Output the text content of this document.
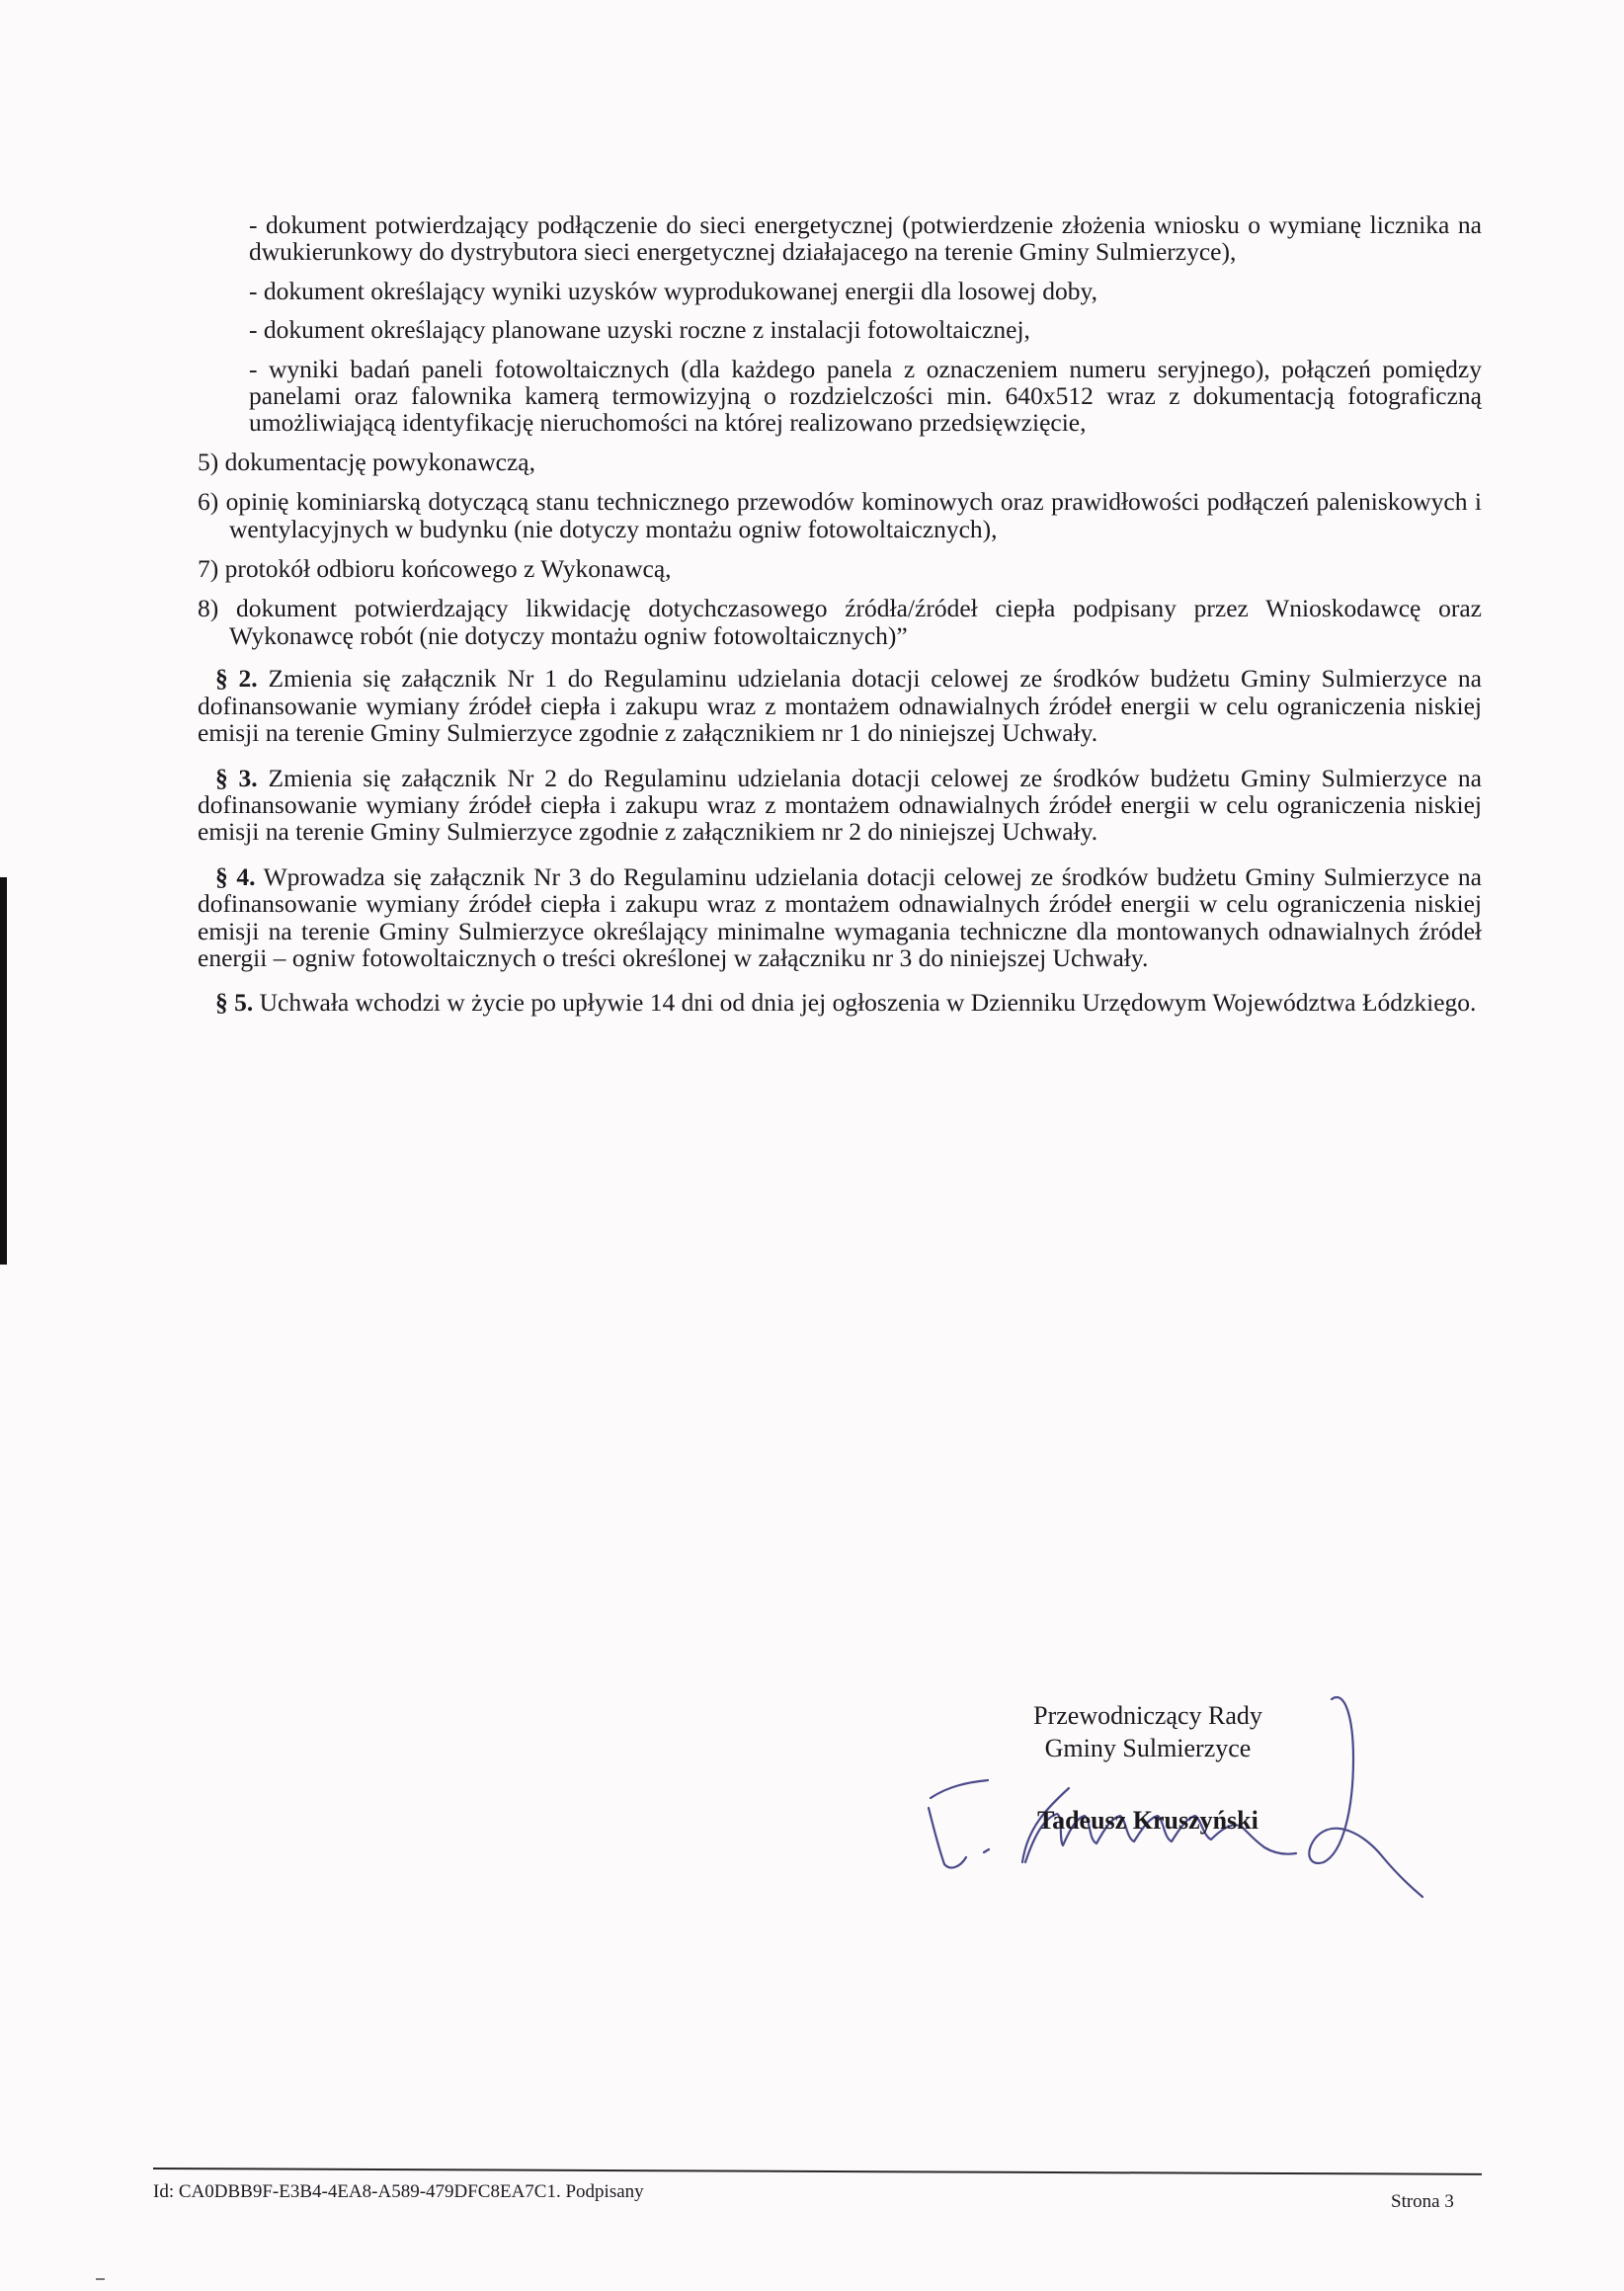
- dokument potwierdzający podłączenie do sieci energetycznej (potwierdzenie złożenia wniosku o wymianę licznika na dwukierunkowy do dystrybutora sieci energetycznej działajacego na terenie Gminy Sulmierzyce),
- dokument określający wyniki uzysków wyprodukowanej energii dla losowej doby,
- dokument określający planowane uzyski roczne z instalacji fotowoltaicznej,
- wyniki badań paneli fotowoltaicznych (dla każdego panela z oznaczeniem numeru seryjnego), połączeń pomiędzy panelami oraz falownika kamerą termowizyjną o rozdzielczości min. 640x512 wraz z dokumentacją fotograficzną umożliwiającą identyfikację nieruchomości na której realizowano przedsięwzięcie,
5) dokumentację powykonawczą,
6) opinię kominiarską dotyczącą stanu technicznego przewodów kominowych oraz prawidłowości podłączeń paleniskowych i wentylacyjnych w budynku (nie dotyczy montażu ogniw fotowoltaicznych),
7) protokół odbioru końcowego z Wykonawcą,
8) dokument potwierdzający likwidację dotychczasowego źródła/źródeł ciepła podpisany przez Wnioskodawcę oraz Wykonawcę robót (nie dotyczy montażu ogniw fotowoltaicznych)”
§ 2. Zmienia się załącznik Nr 1 do Regulaminu udzielania dotacji celowej ze środków budżetu Gminy Sulmierzyce na dofinansowanie wymiany źródeł ciepła i zakupu wraz z montażem odnawialnych źródeł energii w celu ograniczenia niskiej emisji na terenie Gminy Sulmierzyce zgodnie z załącznikiem nr 1 do niniejszej Uchwały.
§ 3. Zmienia się załącznik Nr 2 do Regulaminu udzielania dotacji celowej ze środków budżetu Gminy Sulmierzyce na dofinansowanie wymiany źródeł ciepła i zakupu wraz z montażem odnawialnych źródeł energii w celu ograniczenia niskiej emisji na terenie Gminy Sulmierzyce zgodnie z załącznikiem nr 2 do niniejszej Uchwały.
§ 4. Wprowadza się załącznik Nr 3 do Regulaminu udzielania dotacji celowej ze środków budżetu Gminy Sulmierzyce na dofinansowanie wymiany źródeł ciepła i zakupu wraz z montażem odnawialnych źródeł energii w celu ograniczenia niskiej emisji na terenie Gminy Sulmierzyce określający minimalne wymagania techniczne dla montowanych odnawialnych źródeł energii – ogniw fotowoltaicznych o treści określonej w załączniku nr 3 do niniejszej Uchwały.
§ 5. Uchwała wchodzi w życie po upływie 14 dni od dnia jej ogłoszenia w Dzienniku Urzędowym Województwa Łódzkiego.
Przewodniczący Rady
Gminy Sulmierzyce
Tadeusz Kruszyński
Id: CA0DBB9F-E3B4-4EA8-A589-479DFC8EA7C1. Podpisany	Strona 3
